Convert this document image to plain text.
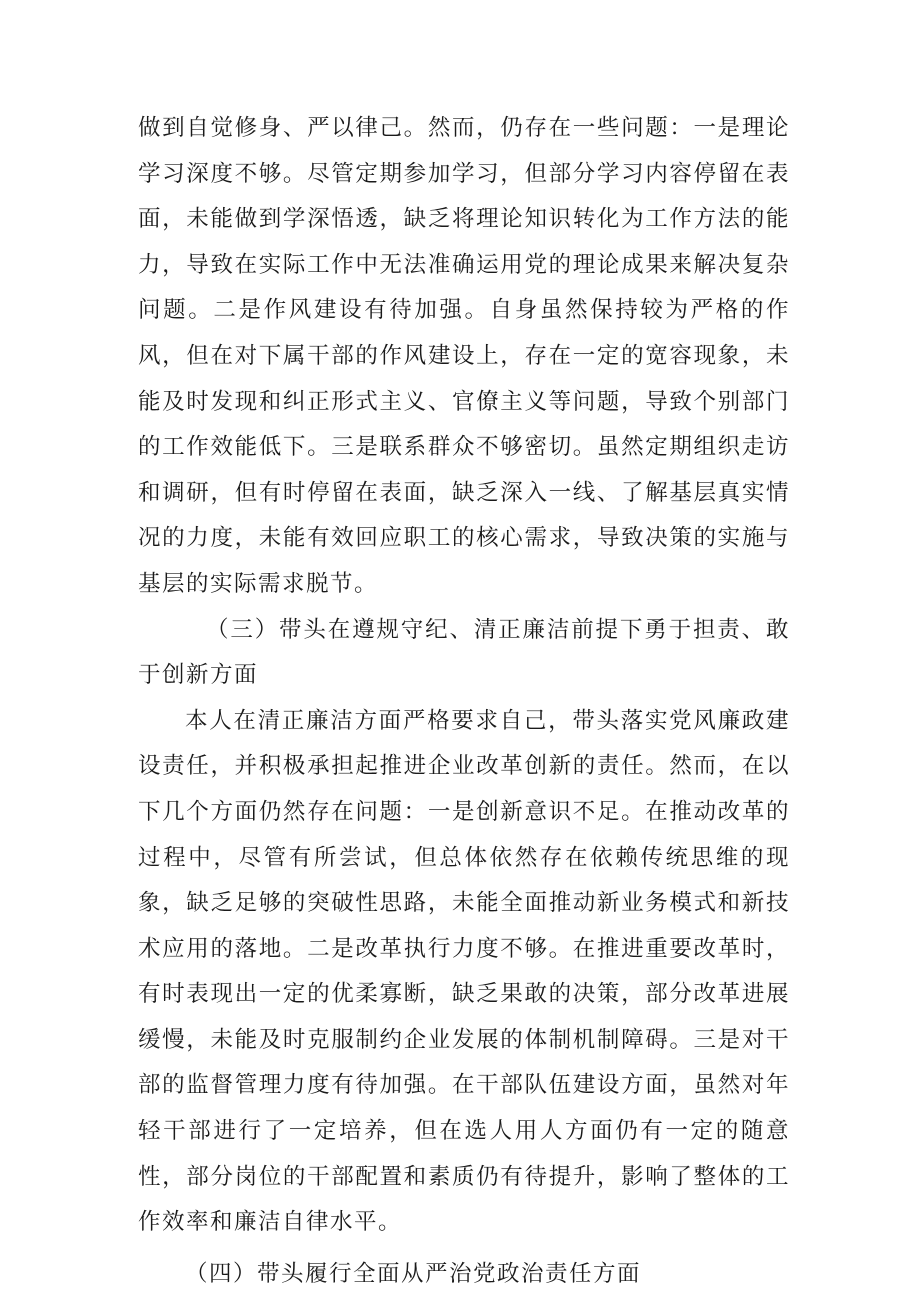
做到自觉修身、严以律己。然而，仍存在一些问题：一是理论学习深度不够。尽管定期参加学习，但部分学习内容停留在表面，未能做到学深悟透，缺乏将理论知识转化为工作方法的能力，导致在实际工作中无法准确运用党的理论成果来解决复杂问题。二是作风建设有待加强。自身虽然保持较为严格的作风，但在对下属干部的作风建设上，存在一定的宽容现象，未能及时发现和纠正形式主义、官僚主义等问题，导致个别部门的工作效能低下。三是联系群众不够密切。虽然定期组织走访和调研，但有时停留在表面，缺乏深入一线、了解基层真实情况的力度，未能有效回应职工的核心需求，导致决策的实施与基层的实际需求脱节。

（三）带头在遵规守纪、清正廉洁前提下勇于担责、敢于创新方面

本人在清正廉洁方面严格要求自己，带头落实党风廉政建设责任，并积极承担起推进企业改革创新的责任。然而，在以下几个方面仍然存在问题：一是创新意识不足。在推动改革的过程中，尽管有所尝试，但总体依然存在依赖传统思维的现象，缺乏足够的突破性思路，未能全面推动新业务模式和新技术应用的落地。二是改革执行力度不够。在推进重要改革时，有时表现出一定的优柔寡断，缺乏果敢的决策，部分改革进展缓慢，未能及时克服制约企业发展的体制机制障碍。三是对干部的监督管理力度有待加强。在干部队伍建设方面，虽然对年轻干部进行了一定培养，但在选人用人方面仍有一定的随意性，部分岗位的干部配置和素质仍有待提升，影响了整体的工作效率和廉洁自律水平。

（四）带头履行全面从严治党政治责任方面
